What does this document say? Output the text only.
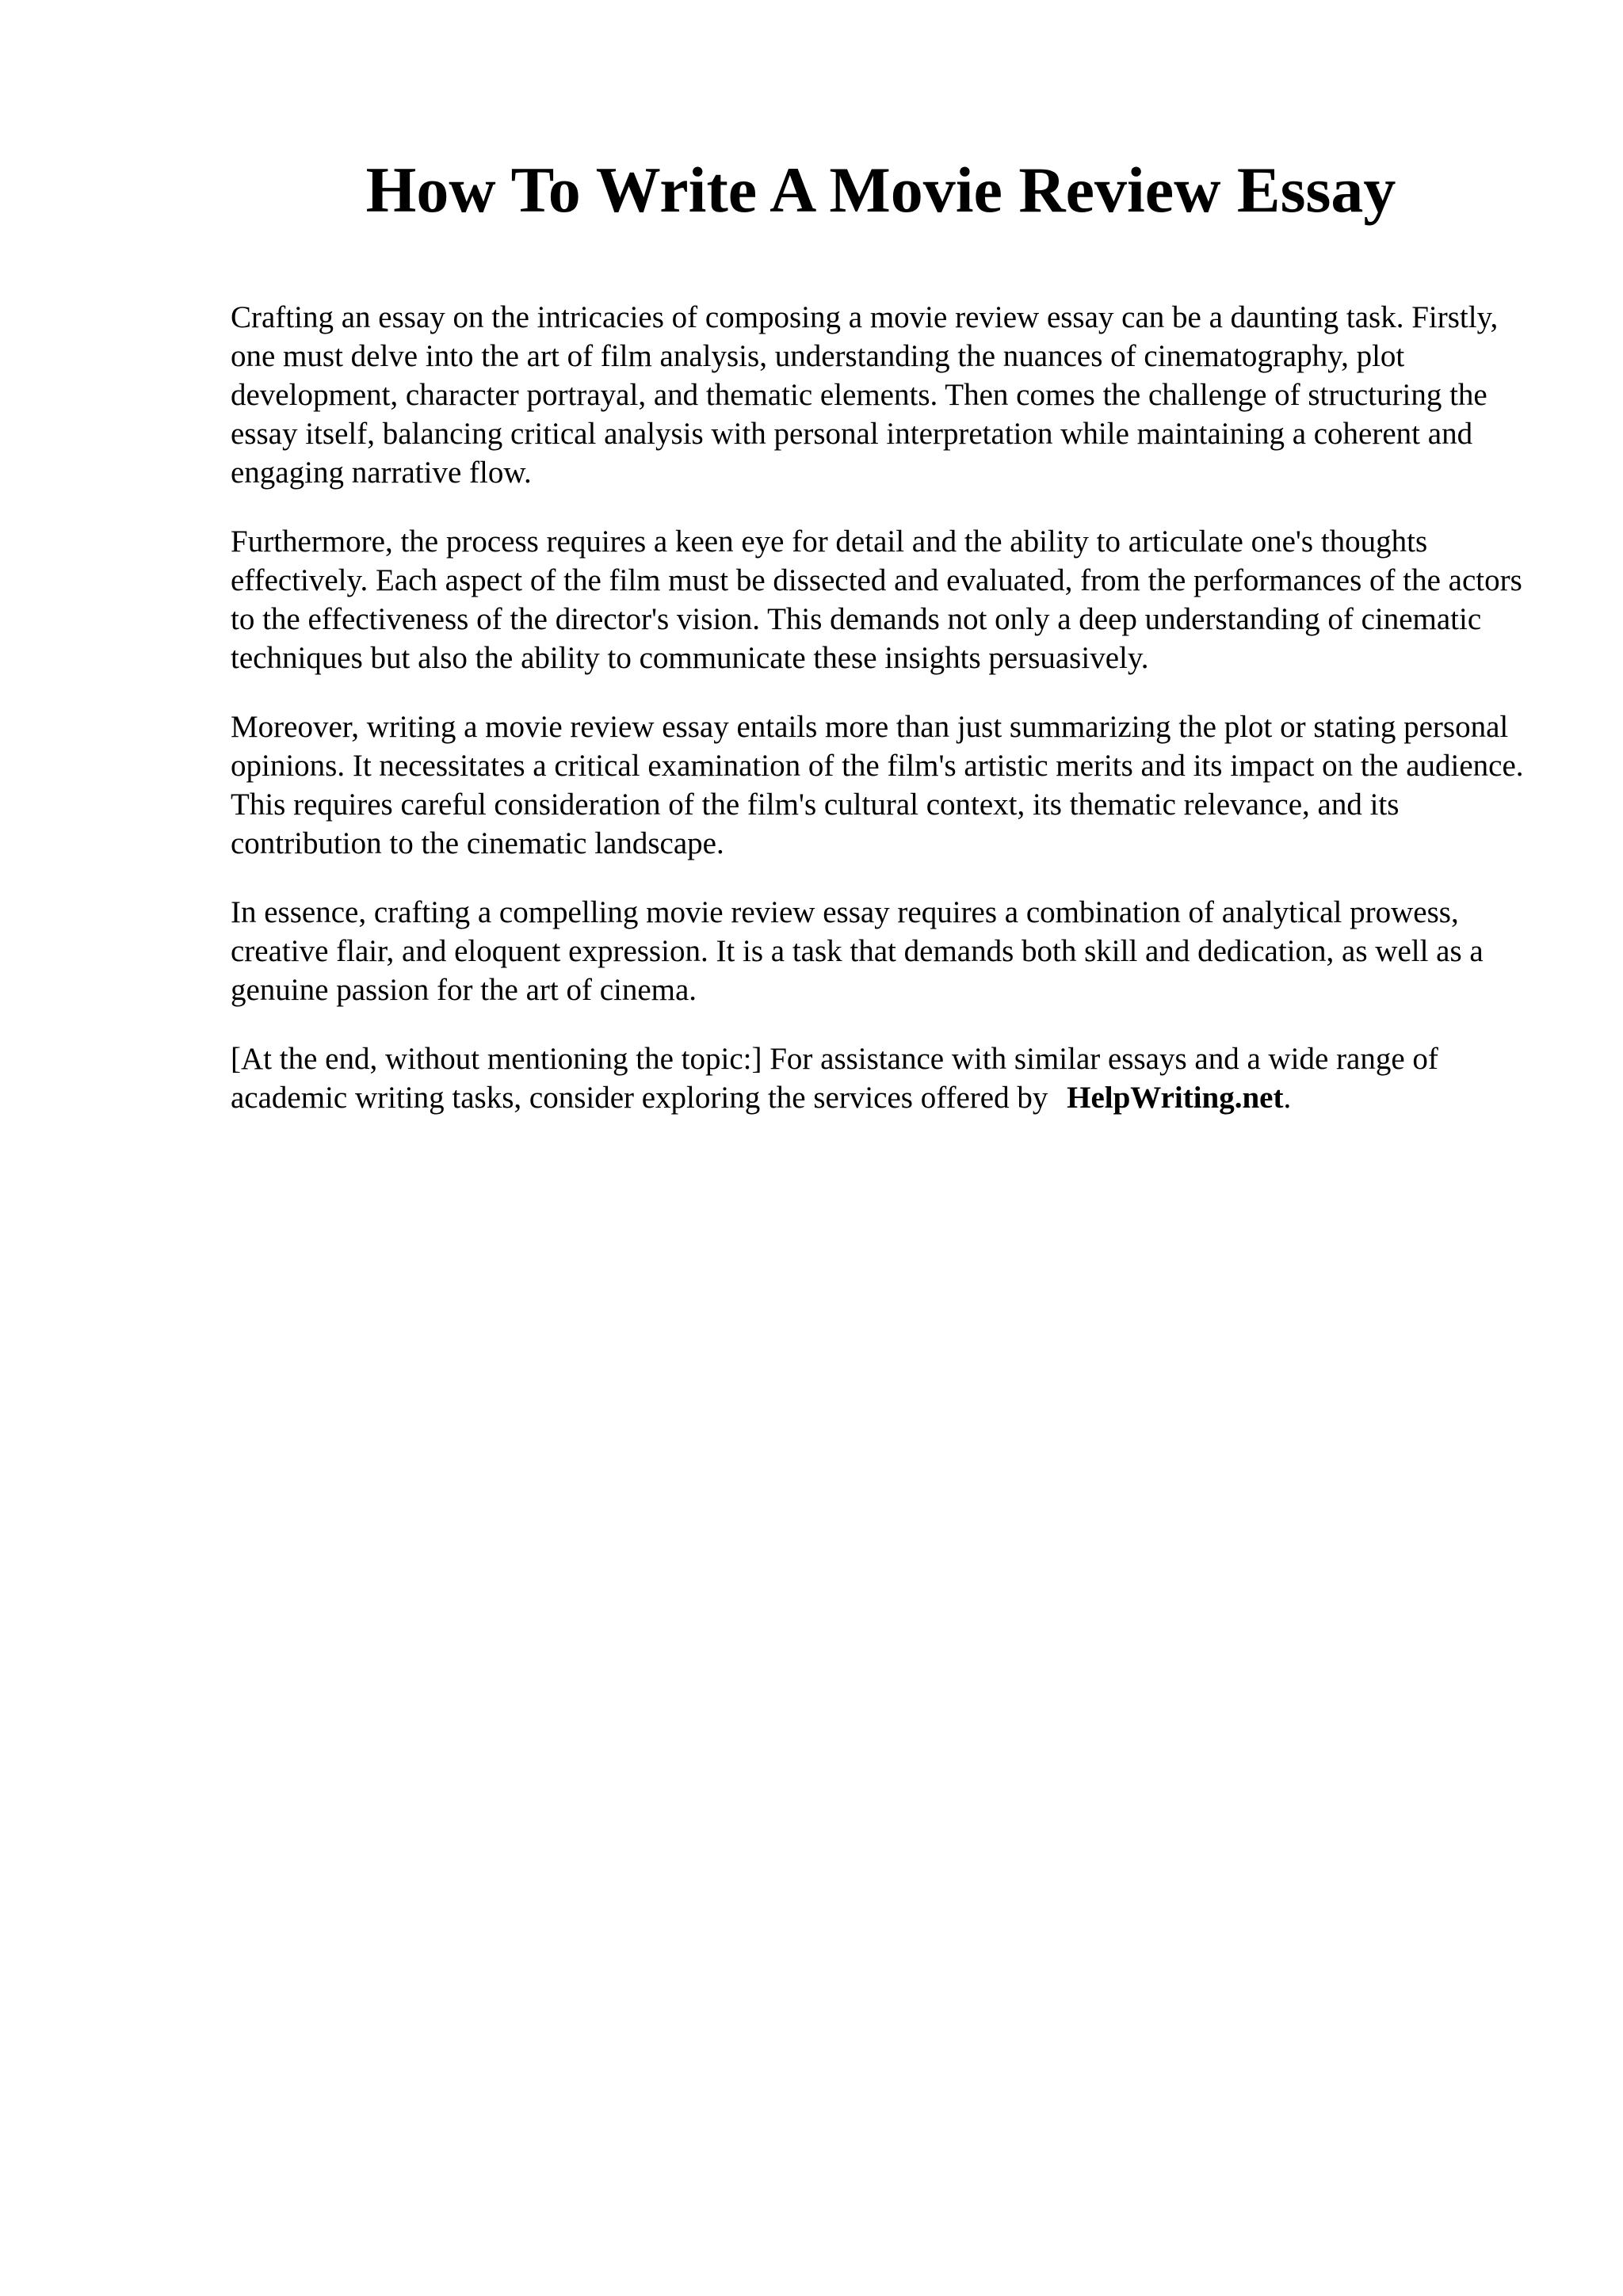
How To Write A Movie Review Essay

Crafting an essay on the intricacies of composing a movie review essay can be a daunting task. Firstly, one must delve into the art of film analysis, understanding the nuances of cinematography, plot development, character portrayal, and thematic elements. Then comes the challenge of structuring the essay itself, balancing critical analysis with personal interpretation while maintaining a coherent and engaging narrative flow.

Furthermore, the process requires a keen eye for detail and the ability to articulate one's thoughts effectively. Each aspect of the film must be dissected and evaluated, from the performances of the actors to the effectiveness of the director's vision. This demands not only a deep understanding of cinematic techniques but also the ability to communicate these insights persuasively.

Moreover, writing a movie review essay entails more than just summarizing the plot or stating personal opinions. It necessitates a critical examination of the film's artistic merits and its impact on the audience. This requires careful consideration of the film's cultural context, its thematic relevance, and its contribution to the cinematic landscape.

In essence, crafting a compelling movie review essay requires a combination of analytical prowess, creative flair, and eloquent expression. It is a task that demands both skill and dedication, as well as a genuine passion for the art of cinema.

[At the end, without mentioning the topic:] For assistance with similar essays and a wide range of academic writing tasks, consider exploring the services offered by HelpWriting.net.
